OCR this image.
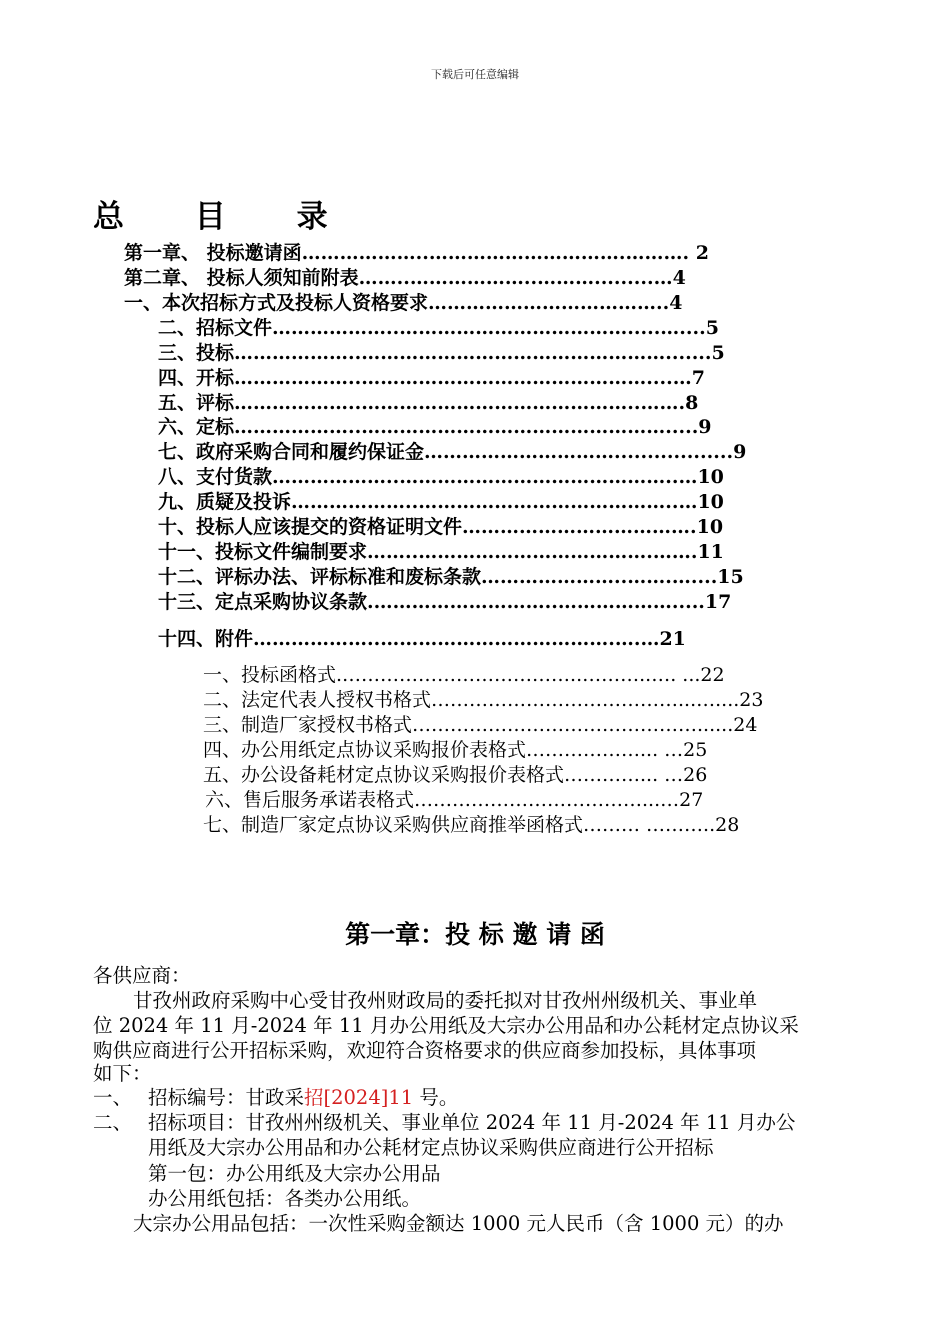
下载后可任意编辑
总 目 录
第一章、 投标邀请函………………..………………………….………. 2
第二章、 投标人须知前附表……..………………..……….........…4
一、本次招标方式及投标人资格要求………………………………..4
二、招标文件………………..……………………………….....…....5
三、投标………………..………………………………………….......5
四、开标………………..………………………………………....…7
五、评标………………..……………………………………..…….8
六、定标………………..………………………………………….....9
七、政府采购合同和履约保证金…………………………..................9
八、支付货款………………..……………………………………..…10
九、质疑及投诉………………..…………………………………..…10
十、投标人应该提交的资格证明文件……………………………….10
十一、投标文件编制要求……..……………………………….…….11
十二、评标办法、评标标准和废标条款…………………..…….…....15
十三、定点采购协议条款.………………………..……………….....17
十四、附件………………..……………………………….….…21
一、投标函格式.………………………………..………..…. ...22
二、法定代表人授权书格式…………………………………...…....23
三、制造厂家授权书格式………………………………………......24
四、办公用纸定点协议采购报价表格式………………... …25
五、办公设备耗材定点协议采购报价表格式…………... …26
六、售后服务承诺表格式………………………………...…27
七、制造厂家定点协议采购供应商推举函格式……… ………..28
第一章：投 标 邀 请 函
各供应商：
甘孜州政府采购中心受甘孜州财政局的委托拟对甘孜州州级机关、事业单
位 2024 年 11 月-2024 年 11 月办公用纸及大宗办公用品和办公耗材定点协议采
购供应商进行公开招标采购，欢迎符合资格要求的供应商参加投标，具体事项
如下：
一、 招标编号：甘政采招[2024]11 号。
二、 招标项目：甘孜州州级机关、事业单位 2024 年 11 月-2024 年 11 月办公
用纸及大宗办公用品和办公耗材定点协议采购供应商进行公开招标
第一包：办公用纸及大宗办公用品
办公用纸包括：各类办公用纸。
大宗办公用品包括：一次性采购金额达 1000 元人民币（含 1000 元）的办
